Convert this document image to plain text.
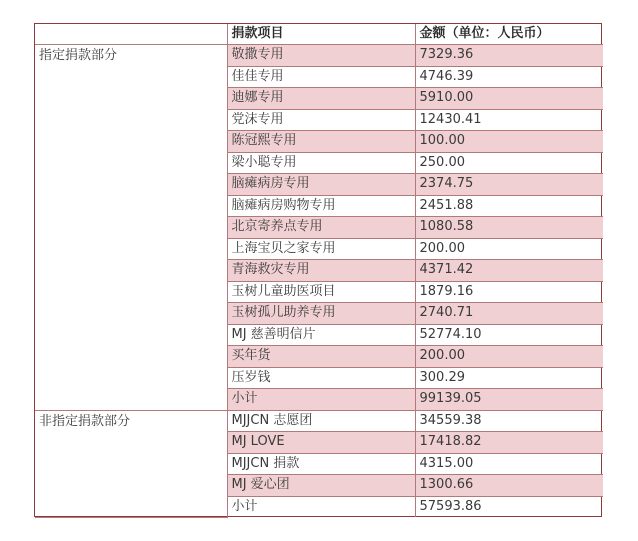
	捐款项目	金额（单位：人民币）
指定捐款部分	敬撒专用	7329.36
	佳佳专用	4746.39
	迪娜专用	5910.00
	党沫专用	12430.41
	陈冠熙专用	100.00
	梁小聪专用	250.00
	脑瘫病房专用	2374.75
	脑瘫病房购物专用	2451.88
	北京寄养点专用	1080.58
	上海宝贝之家专用	200.00
	青海救灾专用	4371.42
	玉树儿童助医项目	1879.16
	玉树孤儿助养专用	2740.71
	MJ 慈善明信片	52774.10
	买年货	200.00
	压岁钱	300.29
	小计	99139.05
非指定捐款部分	MJJCN 志愿团	34559.38
	MJ LOVE	17418.82
	MJJCN 捐款	4315.00
	MJ 爱心团	1300.66
	小计	57593.86
